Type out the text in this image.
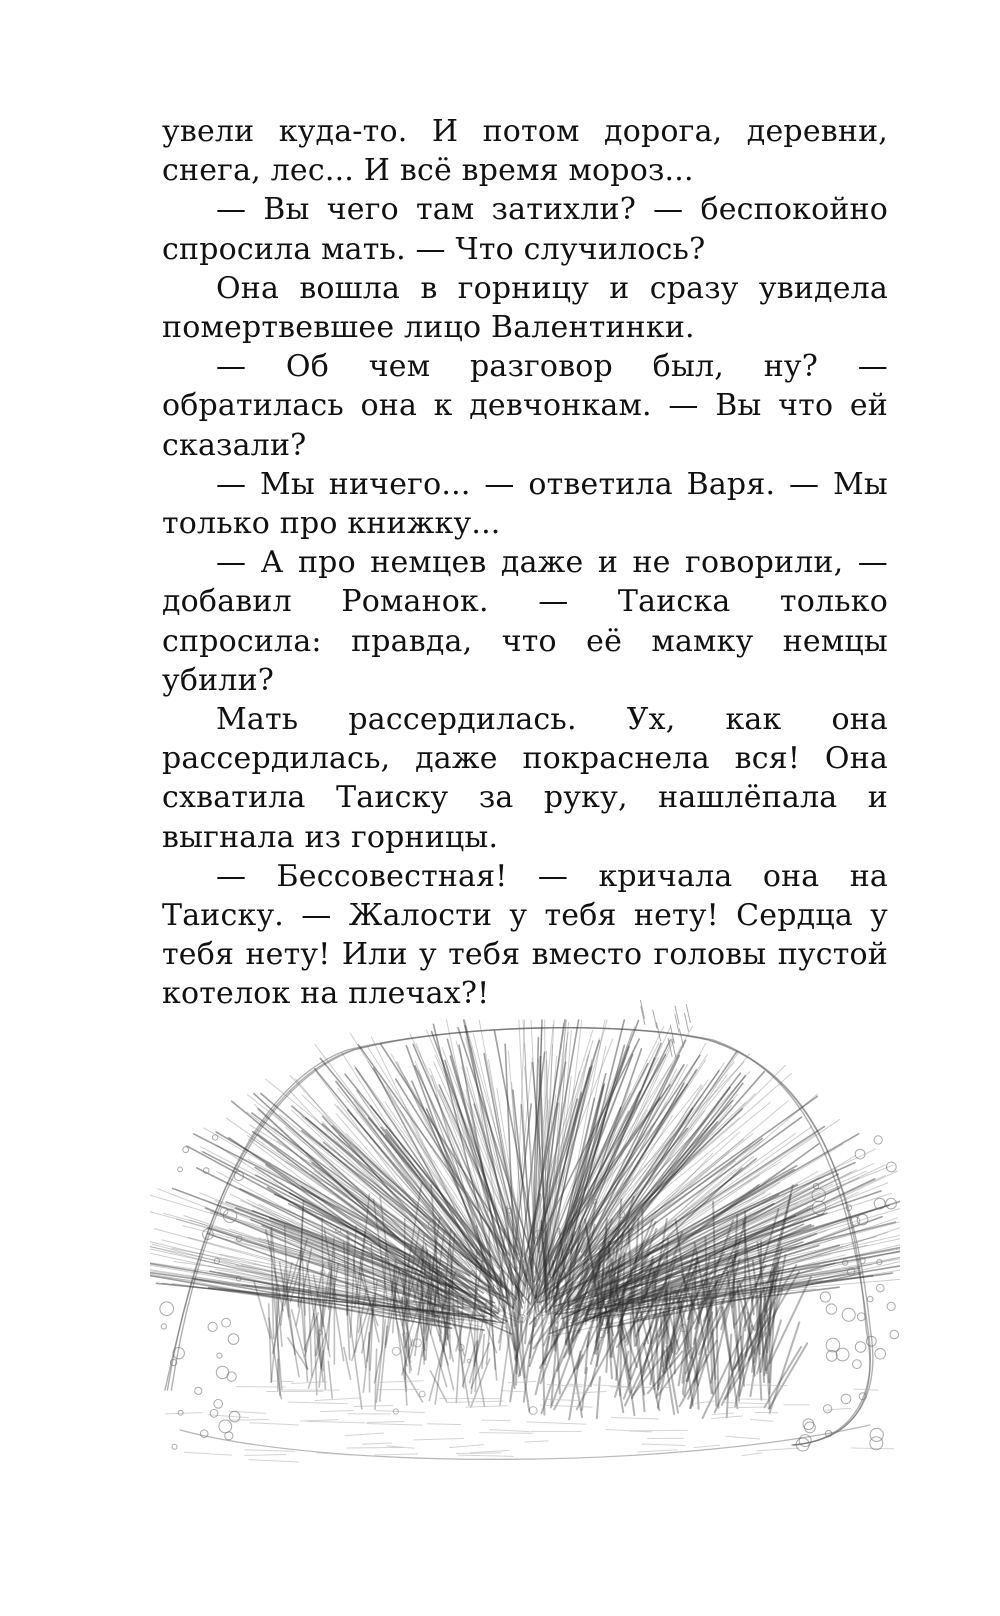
увели куда-то. И потом дорога, деревни, снега, лес... И всё время мороз...

— Вы чего там затихли? — беспокойно спросила мать. — Что случилось?

Она вошла в горницу и сразу увидела помертвевшее лицо Валентинки.

— Об чем разговор был, ну? — обратилась она к девчонкам. — Вы что ей сказали?

— Мы ничего... — ответила Варя. — Мы только про книжку...

— А про немцев даже и не говорили, — добавил Романок. — Таиска только спросила: правда, что её мамку немцы убили?

Мать рассердилась. Ух, как она рассердилась, даже покраснела вся! Она схватила Таиску за руку, нашлёпала и выгнала из горницы.

— Бессовестная! — кричала она на Таиску. — Жалости у тебя нету! Сердца у тебя нету! Или у тебя вместо головы пустой котелок на плечах?!
